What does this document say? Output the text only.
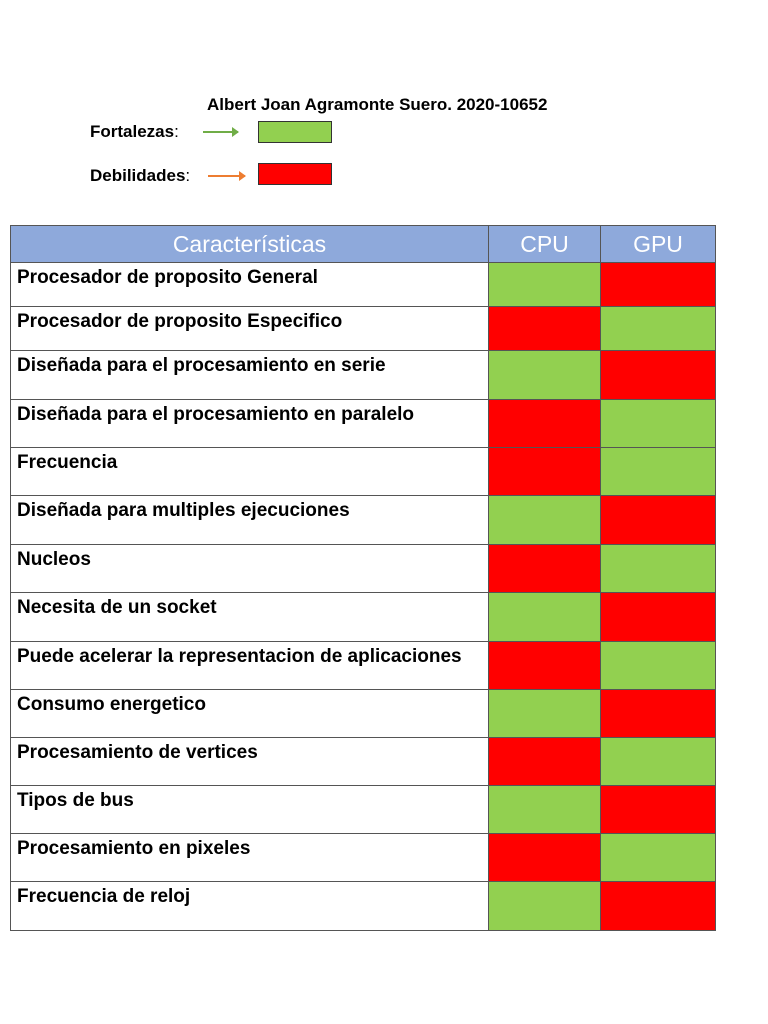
Albert Joan Agramonte Suero. 2020-10652
Fortalezas:
Debilidades:
Características	CPU	GPU
Procesador de proposito General		
Procesador de proposito Especifico		
Diseñada para el procesamiento en serie		
Diseñada para el procesamiento en paralelo		
Frecuencia		
Diseñada para multiples ejecuciones		
Nucleos		
Necesita de un socket		
Puede acelerar la representacion de aplicaciones		
Consumo energetico		
Procesamiento de vertices		
Tipos de bus		
Procesamiento en pixeles		
Frecuencia de reloj		
